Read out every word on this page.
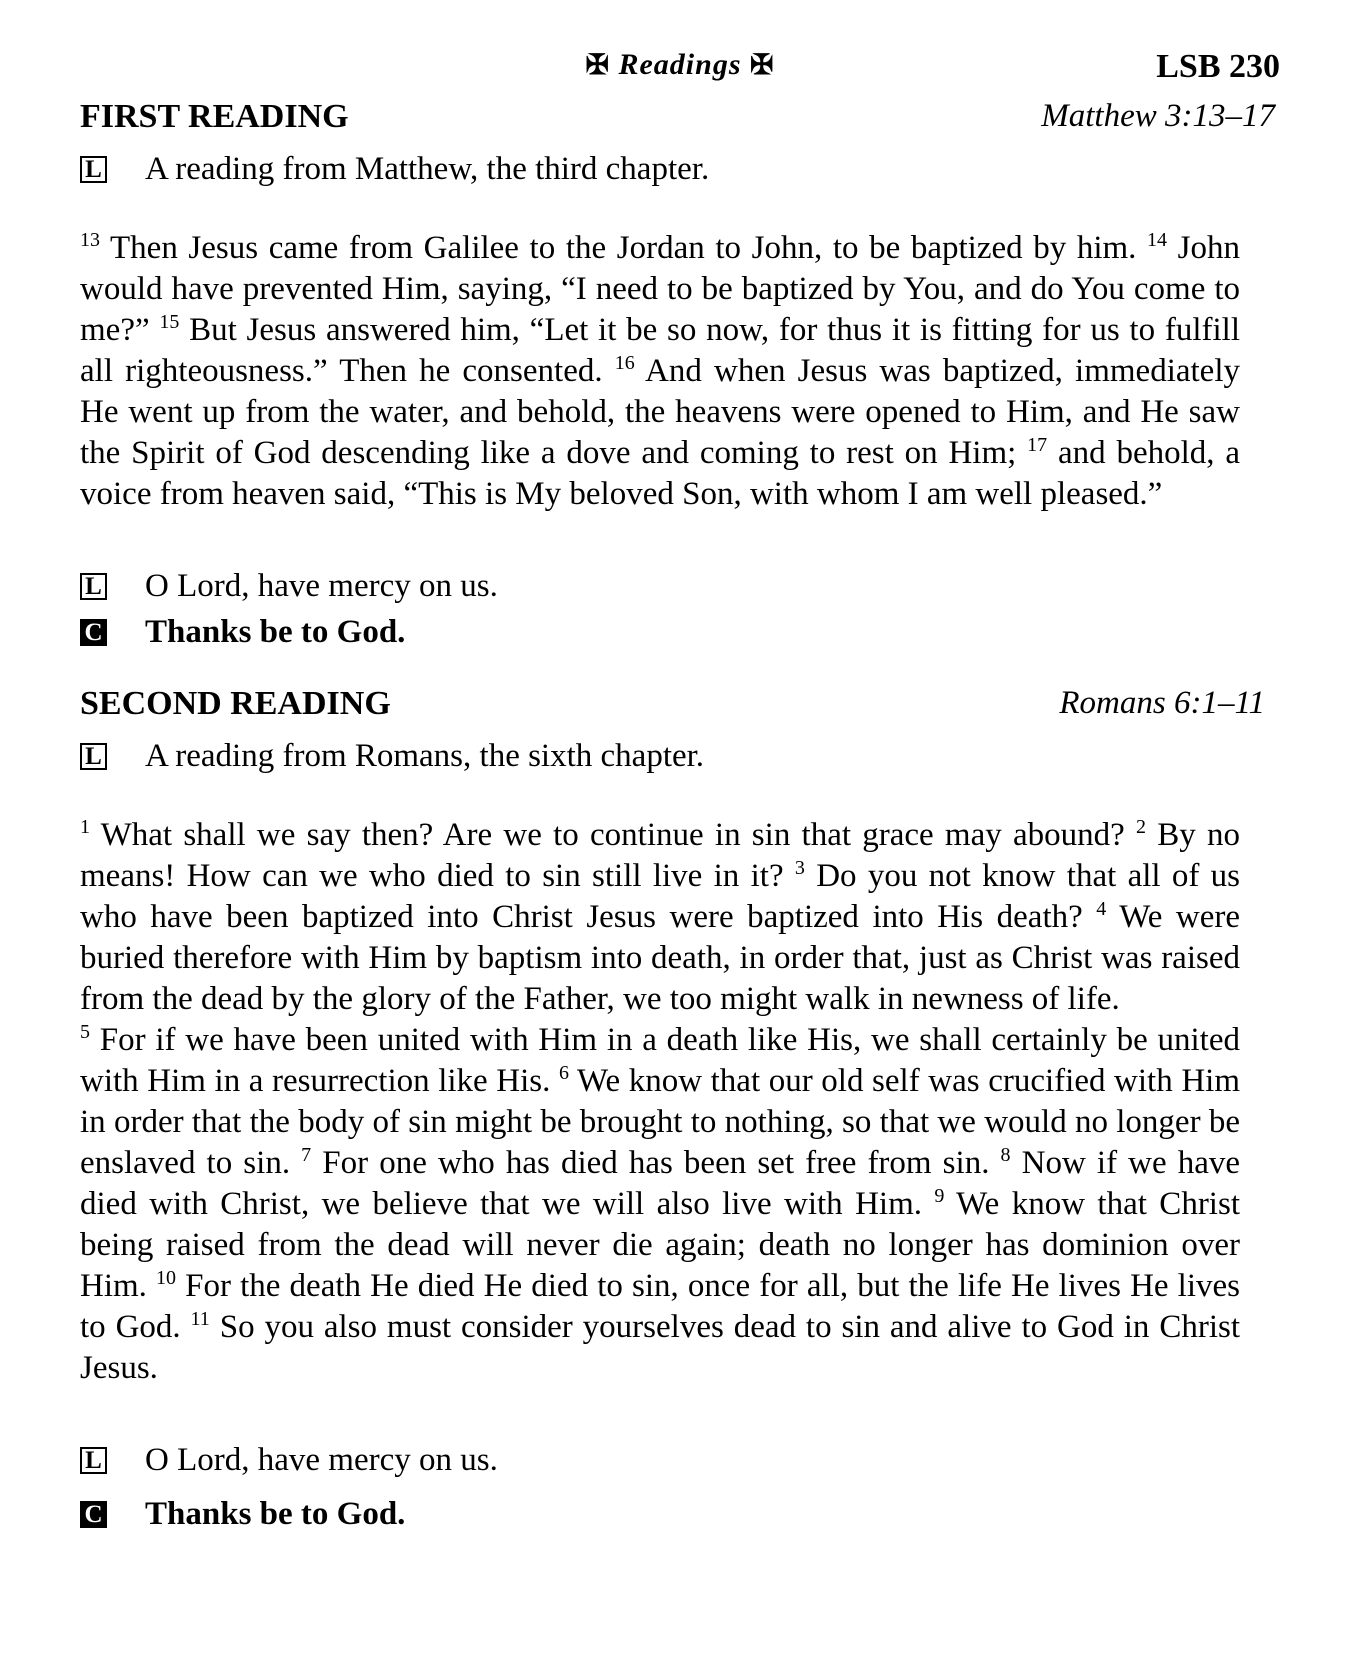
✠ Readings ✠	LSB 230
FIRST READING	Matthew 3:13–17
L A reading from Matthew, the third chapter.
$^{13}$ Then Jesus came from Galilee to the Jordan to John, to be baptized by him. $^{14}$ John would have prevented Him, saying, “I need to be baptized by You, and do You come to me?” $^{15}$ But Jesus answered him, “Let it be so now, for thus it is fitting for us to fulfill all righteousness.” Then he consented. $^{16}$ And when Jesus was baptized, immediately He went up from the water, and behold, the heavens were opened to Him, and He saw the Spirit of God descending like a dove and coming to rest on Him; $^{17}$ and behold, a voice from heaven said, “This is My beloved Son, with whom I am well pleased.”
L O Lord, have mercy on us.
C Thanks be to God.
SECOND READING	Romans 6:1–11
L A reading from Romans, the sixth chapter.
$^1$ What shall we say then? Are we to continue in sin that grace may abound? $^2$ By no means! How can we who died to sin still live in it? $^3$ Do you not know that all of us who have been baptized into Christ Jesus were baptized into His death? $^4$ We were buried therefore with Him by baptism into death, in order that, just as Christ was raised from the dead by the glory of the Father, we too might walk in newness of life.
$^5$ For if we have been united with Him in a death like His, we shall certainly be united with Him in a resurrection like His. $^6$ We know that our old self was crucified with Him in order that the body of sin might be brought to nothing, so that we would no longer be enslaved to sin. $^7$ For one who has died has been set free from sin. $^8$ Now if we have died with Christ, we believe that we will also live with Him. $^9$ We know that Christ being raised from the dead will never die again; death no longer has dominion over Him. $^{10}$ For the death He died He died to sin, once for all, but the life He lives He lives to God. $^{11}$ So you also must consider yourselves dead to sin and alive to God in Christ Jesus.
L O Lord, have mercy on us.
C Thanks be to God.
